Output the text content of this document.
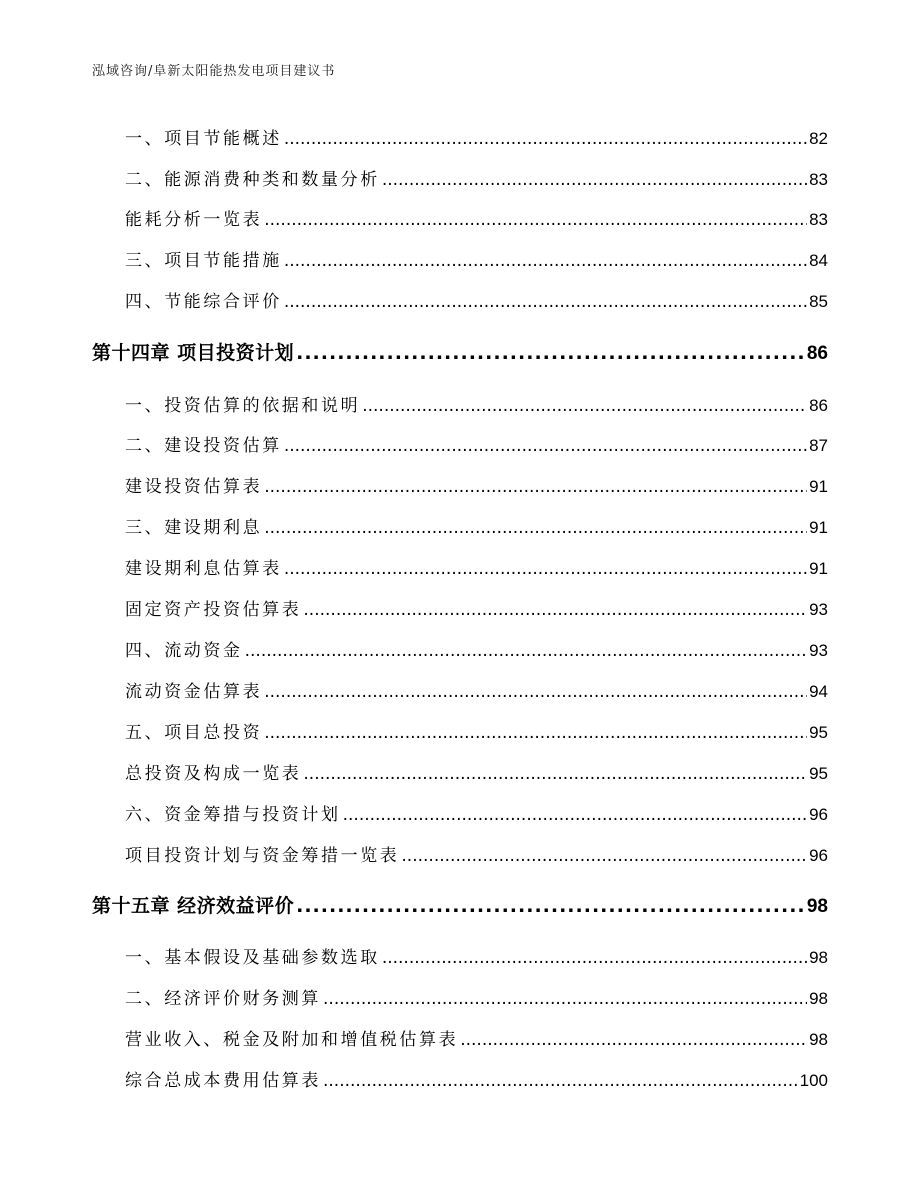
泓域咨询/阜新太阳能热发电项目建议书
一、 项目节能概述 .....	82
二、 能源消费种类和数量分析 .....	83
能耗分析一览表 .....	83
三、 项目节能措施 .....	84
四、 节能综合评价 .....	85
第十四章 项目投资计划 .....	86
一、 投资估算的依据和说明 .....	86
二、 建设投资估算 .....	87
建设投资估算表 .....	91
三、 建设期利息 .....	91
建设期利息估算表 .....	91
固定资产投资估算表 .....	93
四、 流动资金 .....	93
流动资金估算表 .....	94
五、 项目总投资 .....	95
总投资及构成一览表 .....	95
六、 资金筹措与投资计划 .....	96
项目投资计划与资金筹措一览表 .....	96
第十五章 经济效益评价 .....	98
一、 基本假设及基础参数选取 .....	98
二、 经济评价财务测算 .....	98
营业收入、税金及附加和增值税估算表 .....	98
综合总成本费用估算表 .....	100
